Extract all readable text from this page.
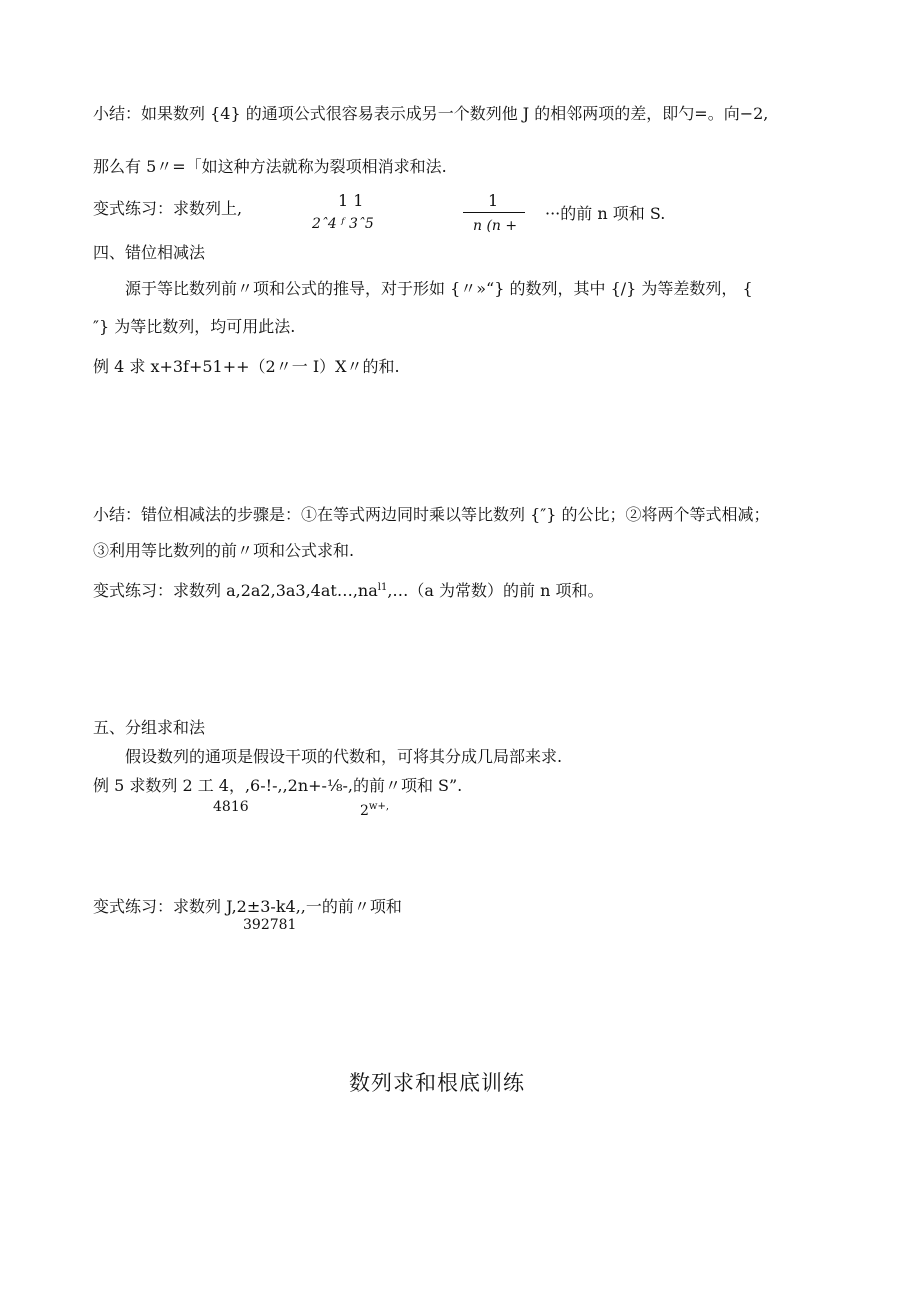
小结：如果数列 {4} 的通项公式很容易表示成另一个数列他 J 的相邻两项的差，即勺=。向−2,
那么有 5〃=「如这种方法就称为裂项相消求和法.
变式练习：求数列上,	1 1
2ˆ4 ᶠ 3ˆ5
1
n (n +
···的前 n 项和 S.
四、错位相减法
源于等比数列前〃项和公式的推导，对于形如 {〃»“} 的数列，其中 {/} 为等差数列， {
″} 为等比数列，均可用此法.
例 4 求 x+3f+51++（2〃一 I）X〃的和.
小结：错位相减法的步骤是：①在等式两边同时乘以等比数列 {″} 的公比；②将两个等式相减；
③利用等比数列的前〃项和公式求和.
变式练习：求数列 $a,2a2,3a3,4at\dots,na^{l1},\dots(a$ 为常数）的前 n 项和。
五、分组求和法
假设数列的通项是假设干项的代数和，可将其分成几局部来求.
例 5 求数列 2 工 4，,6-!-,,2n+-⅛-,的前〃项和 S”.
4816	$2^{w+,}$
变式练习：求数列 J,2±3-k4,,一的前〃项和
392781
数列求和根底训练
